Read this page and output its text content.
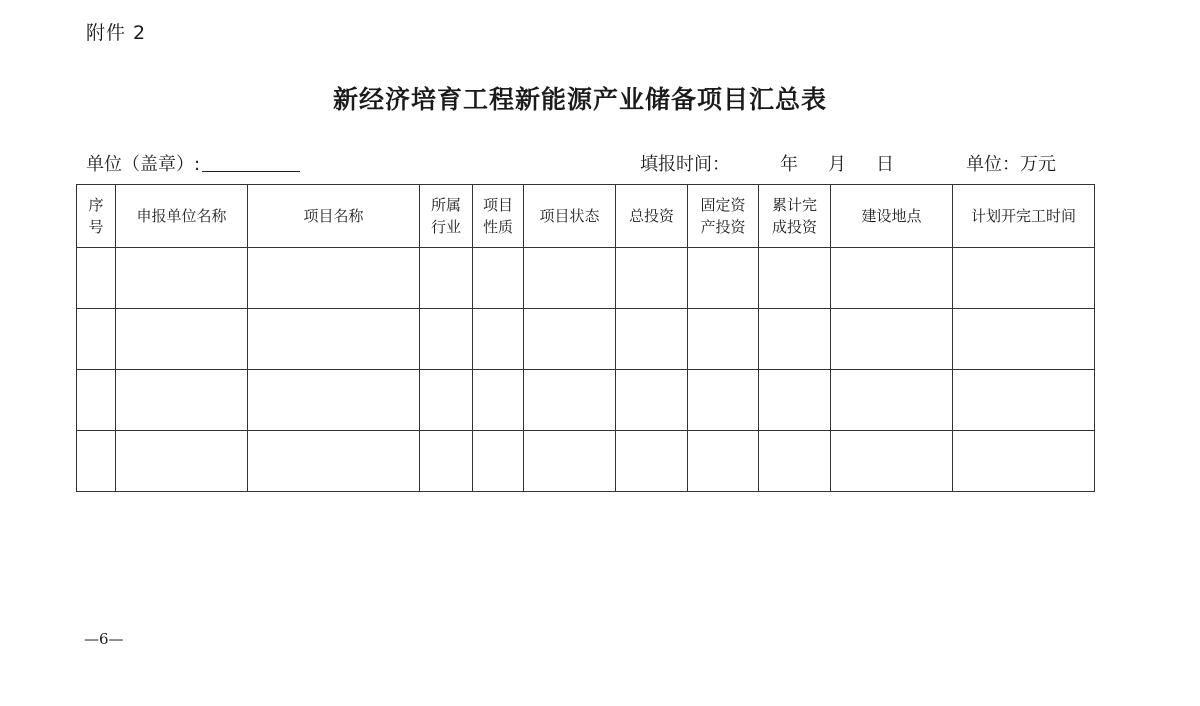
附件 2
新经济培育工程新能源产业储备项目汇总表
单位（盖章）:	填报时间：	年 月 日	单位：万元
序号	申报单位名称	项目名称	所属行业	项目性质	项目状态	总投资	固定资产投资	累计完成投资	建设地点	计划开完工时间

—6—
